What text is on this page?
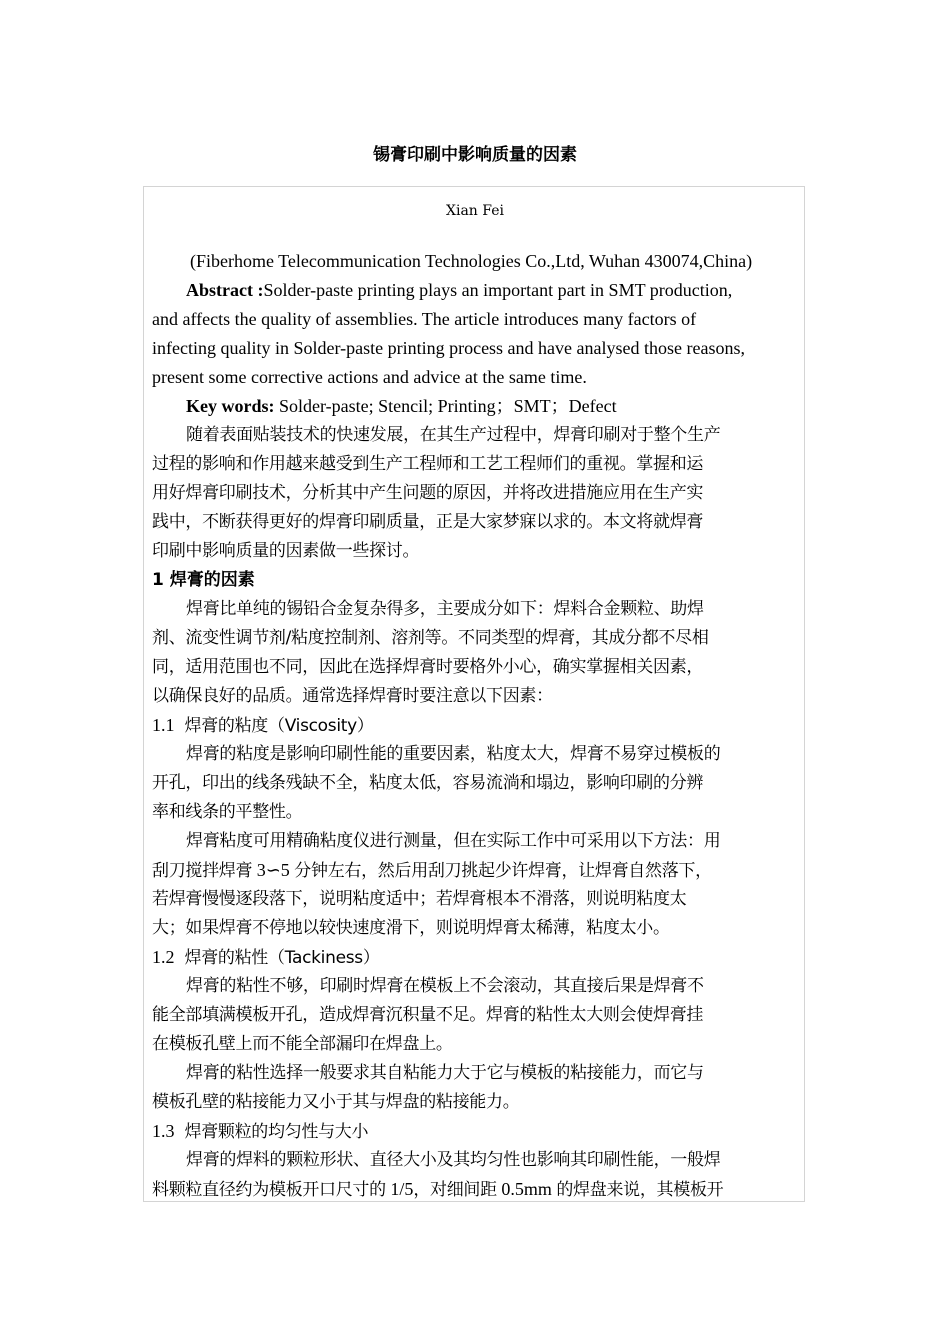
锡膏印刷中影响质量的因素
Xian Fei
(Fiberhome Telecommunication Technologies Co.,Ltd, Wuhan 430074,China)
Abstract :Solder-paste printing plays an important part in SMT production,
and affects the quality of assemblies. The article introduces many factors of
infecting quality in Solder-paste printing process and have analysed those reasons,
present some corrective actions and advice at the same time.
Key words: Solder-paste; Stencil; Printing；SMT；Defect
随着表面贴装技术的快速发展，在其生产过程中，焊膏印刷对于整个生产
过程的影响和作用越来越受到生产工程师和工艺工程师们的重视。掌握和运
用好焊膏印刷技术，分析其中产生问题的原因，并将改进措施应用在生产实
践中，不断获得更好的焊膏印刷质量，正是大家梦寐以求的。本文将就焊膏
印刷中影响质量的因素做一些探讨。
1 焊膏的因素
焊膏比单纯的锡铅合金复杂得多，主要成分如下：焊料合金颗粒、助焊
剂、流变性调节剂/粘度控制剂、溶剂等。不同类型的焊膏，其成分都不尽相
同，适用范围也不同，因此在选择焊膏时要格外小心，确实掌握相关因素，
以确保良好的品质。通常选择焊膏时要注意以下因素：
1.1 焊膏的粘度（Viscosity）
焊膏的粘度是影响印刷性能的重要因素，粘度太大，焊膏不易穿过模板的
开孔，印出的线条残缺不全，粘度太低，容易流淌和塌边，影响印刷的分辨
率和线条的平整性。
焊膏粘度可用精确粘度仪进行测量，但在实际工作中可采用以下方法：用
刮刀搅拌焊膏 3∽5 分钟左右，然后用刮刀挑起少许焊膏，让焊膏自然落下，
若焊膏慢慢逐段落下，说明粘度适中；若焊膏根本不滑落，则说明粘度太
大；如果焊膏不停地以较快速度滑下，则说明焊膏太稀薄，粘度太小。
1.2 焊膏的粘性（Tackiness）
焊膏的粘性不够，印刷时焊膏在模板上不会滚动，其直接后果是焊膏不
能全部填满模板开孔，造成焊膏沉积量不足。焊膏的粘性太大则会使焊膏挂
在模板孔壁上而不能全部漏印在焊盘上。
焊膏的粘性选择一般要求其自粘能力大于它与模板的粘接能力，而它与
模板孔壁的粘接能力又小于其与焊盘的粘接能力。
1.3 焊膏颗粒的均匀性与大小
焊膏的焊料的颗粒形状、直径大小及其均匀性也影响其印刷性能，一般焊
料颗粒直径约为模板开口尺寸的 1/5，对细间距 0.5mm 的焊盘来说，其模板开
